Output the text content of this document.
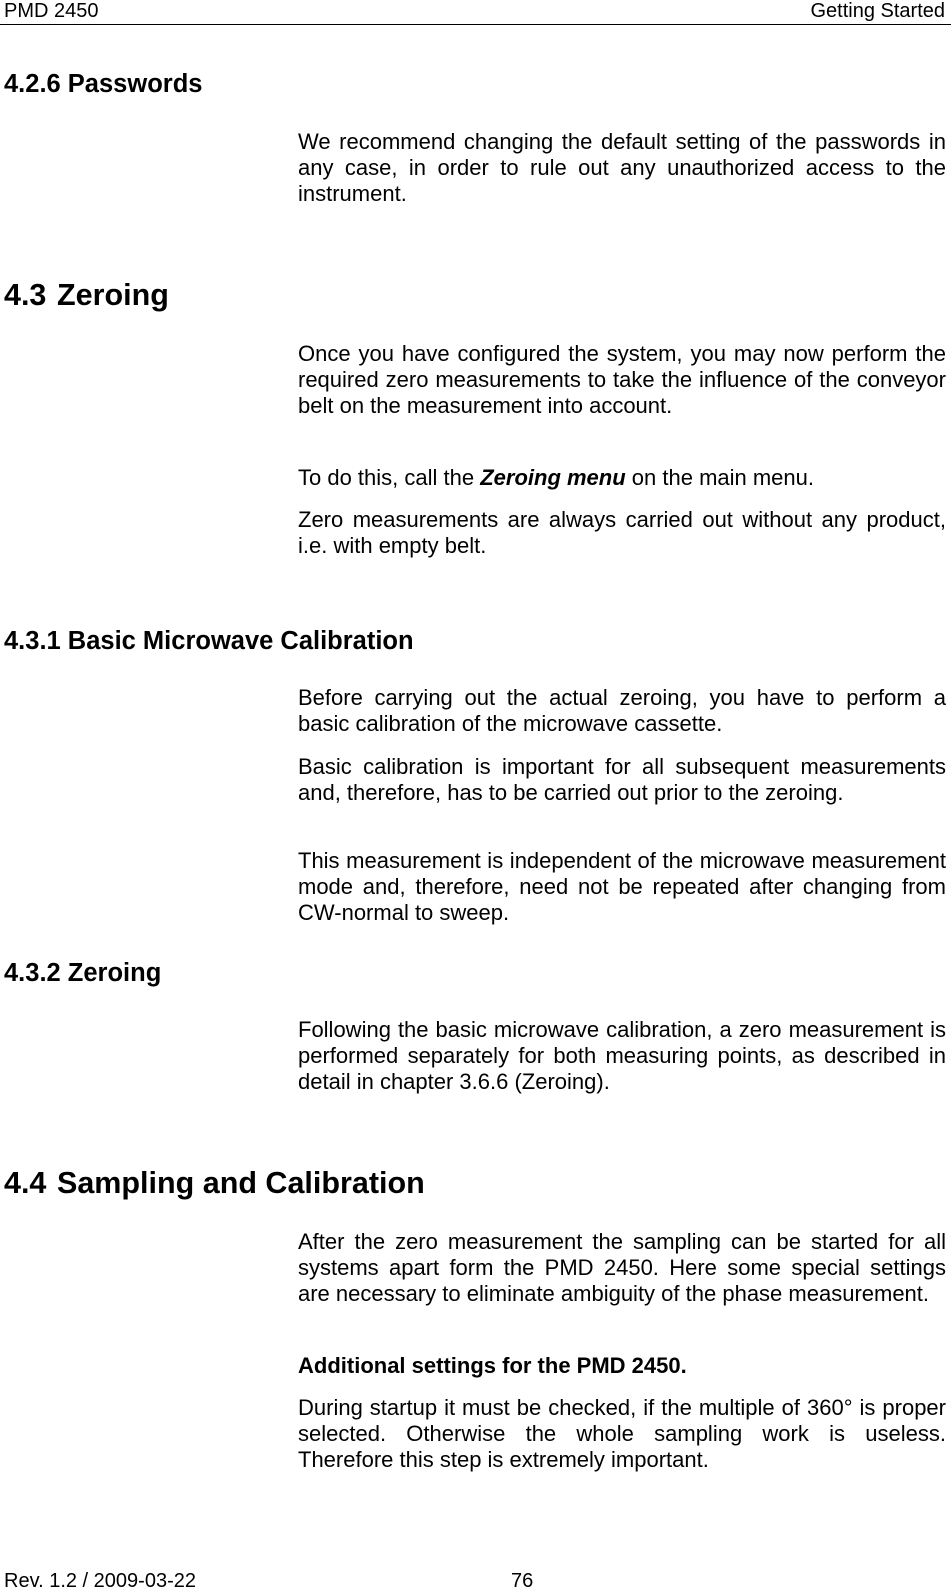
PMD 2450	Getting Started
4.2.6 Passwords

We recommend changing the default setting of the passwords in any case, in order to rule out any unauthorized access to the instrument.

4.3 Zeroing

Once you have configured the system, you may now perform the required zero measurements to take the influence of the conveyor belt on the measurement into account.

To do this, call the Zeroing menu on the main menu.

Zero measurements are always carried out without any product, i.e. with empty belt.

4.3.1 Basic Microwave Calibration

Before carrying out the actual zeroing, you have to perform a basic calibration of the microwave cassette.

Basic calibration is important for all subsequent measurements and, therefore, has to be carried out prior to the zeroing.

This measurement is independent of the microwave measurement mode and, therefore, need not be repeated after changing from CW-normal to sweep.

4.3.2 Zeroing

Following the basic microwave calibration, a zero measurement is performed separately for both measuring points, as described in detail in chapter 3.6.6 (Zeroing).

4.4 Sampling and Calibration

After the zero measurement the sampling can be started for all systems apart form the PMD 2450. Here some special settings are necessary to eliminate ambiguity of the phase measurement.

Additional settings for the PMD 2450.

During startup it must be checked, if the multiple of 360° is proper selected. Otherwise the whole sampling work is useless. Therefore this step is extremely important.

Rev. 1.2 / 2009-03-22	76
